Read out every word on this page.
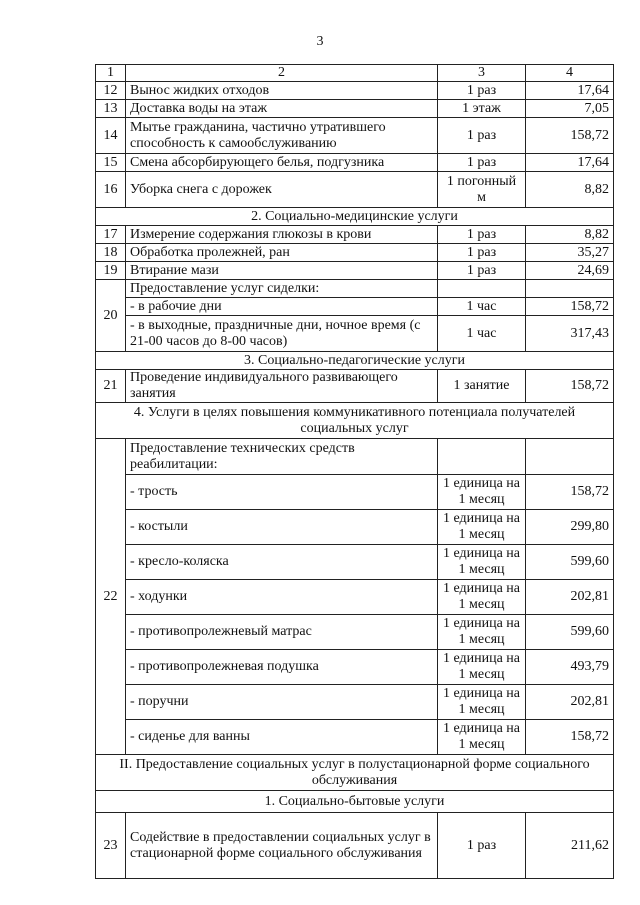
3
1	2	3	4
12	Вынос жидких отходов	1 раз	17,64
13	Доставка воды на этаж	1 этаж	7,05
14	Мытье гражданина, частично утратившего способность к самообслуживанию	1 раз	158,72
15	Смена абсорбирующего белья, подгузника	1 раз	17,64
16	Уборка снега с дорожек	1 погонный м	8,82
2. Социально-медицинские услуги			
17	Измерение содержания глюкозы в крови	1 раз	8,82
18	Обработка пролежней, ран	1 раз	35,27
19	Втирание мази	1 раз	24,69
20	Предоставление услуг сиделки:		
	- в рабочие дни	1 час	158,72
	- в выходные, праздничные дни, ночное время (с 21-00 часов до 8-00 часов)	1 час	317,43
3. Социально-педагогические услуги			
21	Проведение индивидуального развивающего занятия	1 занятие	158,72
4. Услуги в целях повышения коммуникативного потенциала получателей социальных услуг			
22	Предоставление технических средств реабилитации:		
	- трость	1 единица на 1 месяц	158,72
	- костыли	1 единица на 1 месяц	299,80
	- кресло-коляска	1 единица на 1 месяц	599,60
	- ходунки	1 единица на 1 месяц	202,81
	- противопролежневый матрас	1 единица на 1 месяц	599,60
	- противопролежневая подушка	1 единица на 1 месяц	493,79
	- поручни	1 единица на 1 месяц	202,81
	- сиденье для ванны	1 единица на 1 месяц	158,72
II. Предоставление социальных услуг в полустационарной форме социального обслуживания			
1. Социально-бытовые услуги			
23	Содействие в предоставлении социальных услуг в стационарной форме социального обслуживания	1 раз	211,62
